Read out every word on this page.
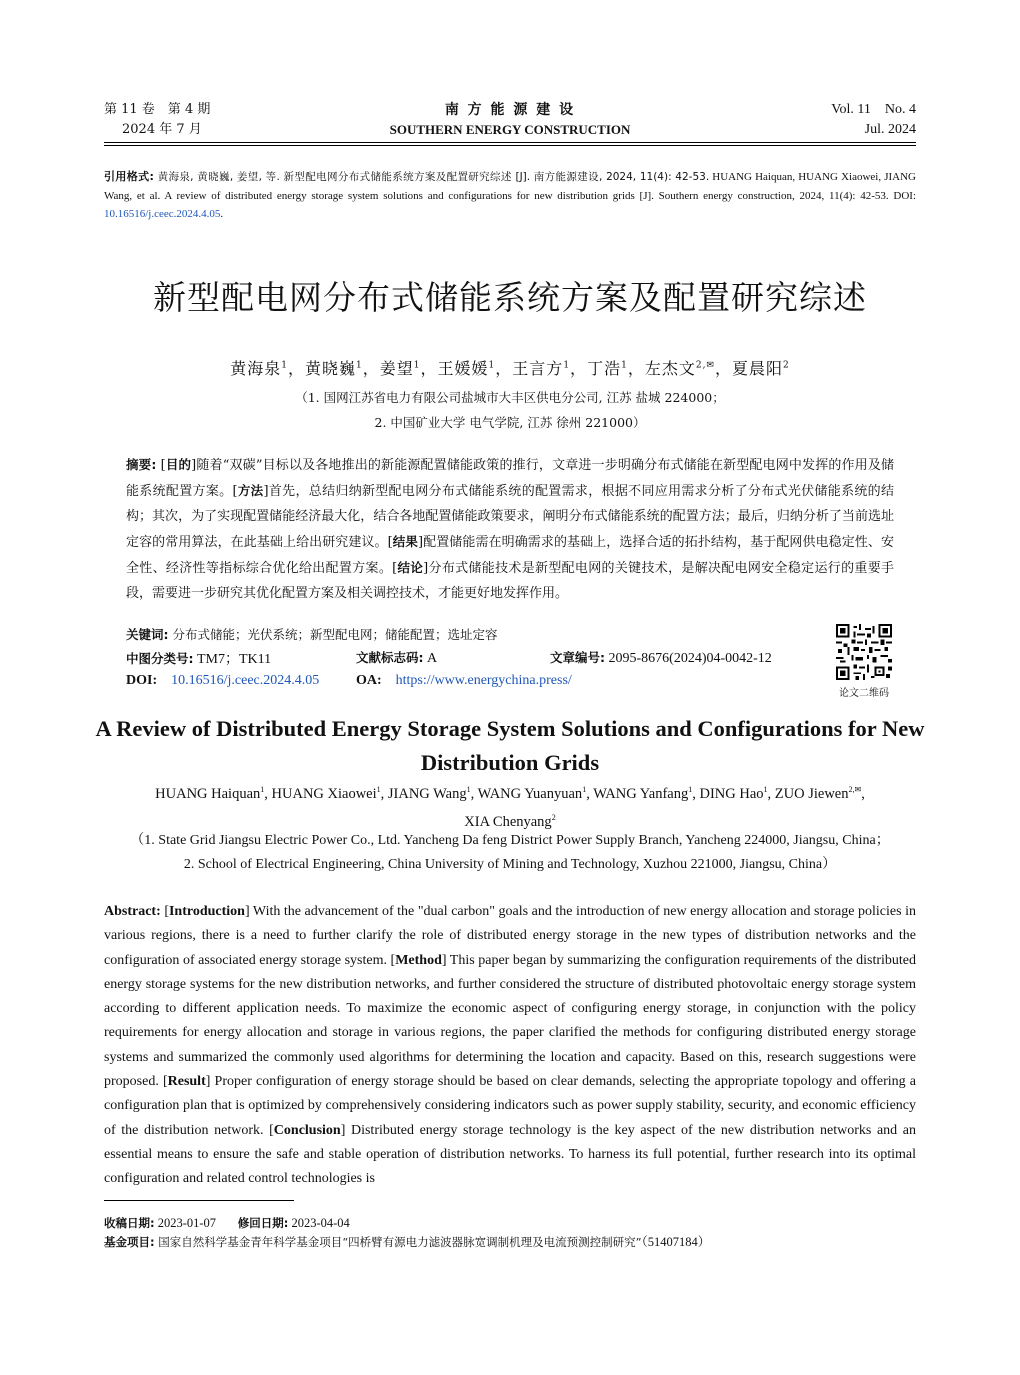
第 11 卷　第 4 期
2024 年 7 月
南 方 能 源 建 设
SOUTHERN ENERGY CONSTRUCTION
Vol. 11　No. 4
Jul. 2024
引用格式: 黄海泉, 黄晓巍, 姜望, 等. 新型配电网分布式储能系统方案及配置研究综述 [J]. 南方能源建设, 2024, 11(4): 42-53. HUANG Haiquan, HUANG Xiaowei, JIANG Wang, et al. A review of distributed energy storage system solutions and configurations for new distribution grids [J]. Southern energy construction, 2024, 11(4): 42-53. DOI: 10.16516/j.ceec.2024.4.05.
新型配电网分布式储能系统方案及配置研究综述
黄海泉$^1$，黄晓巍$^1$，姜望$^1$，王媛媛$^1$，王言方$^1$，丁浩$^1$，左杰文$^{2,✉}$，夏晨阳$^2$
（1. 国网江苏省电力有限公司盐城市大丰区供电分公司, 江苏 盐城 224000；
2. 中国矿业大学 电气学院, 江苏 徐州 221000）
摘要: [目的]随着“双碳”目标以及各地推出的新能源配置储能政策的推行，文章进一步明确分布式储能在新型配电网中发挥的作用及储能系统配置方案。[方法]首先，总结归纳新型配电网分布式储能系统的配置需求，根据不同应用需求分析了分布式光伏储能系统的结构；其次，为了实现配置储能经济最大化，结合各地配置储能政策要求，阐明分布式储能系统的配置方法；最后，归纳分析了当前选址定容的常用算法，在此基础上给出研究建议。[结果]配置储能需在明确需求的基础上，选择合适的拓扑结构，基于配网供电稳定性、安全性、经济性等指标综合优化给出配置方案。[结论]分布式储能技术是新型配电网的关键技术，是解决配电网安全稳定运行的重要手段，需要进一步研究其优化配置方案及相关调控技术，才能更好地发挥作用。
关键词: 分布式储能；光伏系统；新型配电网；储能配置；选址定容
中图分类号: TM7；TK11	文献标志码: A	文章编号: 2095-8676(2024)04-0042-12
DOI: 10.16516/j.ceec.2024.4.05	OA: https://www.energychina.press/
论文二维码
A Review of Distributed Energy Storage System Solutions and Configurations for New Distribution Grids
HUANG Haiquan$^1$, HUANG Xiaowei$^1$, JIANG Wang$^1$, WANG Yuanyuan$^1$, WANG Yanfang$^1$, DING Hao$^1$, ZUO Jiewen$^{2,✉}$,
XIA Chenyang$^2$
（1. State Grid Jiangsu Electric Power Co., Ltd. Yancheng Da feng District Power Supply Branch, Yancheng 224000, Jiangsu, China；
2. School of Electrical Engineering, China University of Mining and Technology, Xuzhou 221000, Jiangsu, China）
Abstract: [Introduction] With the advancement of the "dual carbon" goals and the introduction of new energy allocation and storage policies in various regions, there is a need to further clarify the role of distributed energy storage in the new types of distribution networks and the configuration of associated energy storage system. [Method] This paper began by summarizing the configuration requirements of the distributed energy storage systems for the new distribution networks, and further considered the structure of distributed photovoltaic energy storage system according to different application needs. To maximize the economic aspect of configuring energy storage, in conjunction with the policy requirements for energy allocation and storage in various regions, the paper clarified the methods for configuring distributed energy storage systems and summarized the commonly used algorithms for determining the location and capacity. Based on this, research suggestions were proposed. [Result] Proper configuration of energy storage should be based on clear demands, selecting the appropriate topology and offering a configuration plan that is optimized by comprehensively considering indicators such as power supply stability, security, and economic efficiency of the distribution network. [Conclusion] Distributed energy storage technology is the key aspect of the new distribution networks and an essential means to ensure the safe and stable operation of distribution networks. To harness its full potential, further research into its optimal configuration and related control technologies is
收稿日期: 2023-01-07 修回日期: 2023-04-04
基金项目: 国家自然科学基金青年科学基金项目“四桥臂有源电力滤波器脉宽调制机理及电流预测控制研究”（51407184）
